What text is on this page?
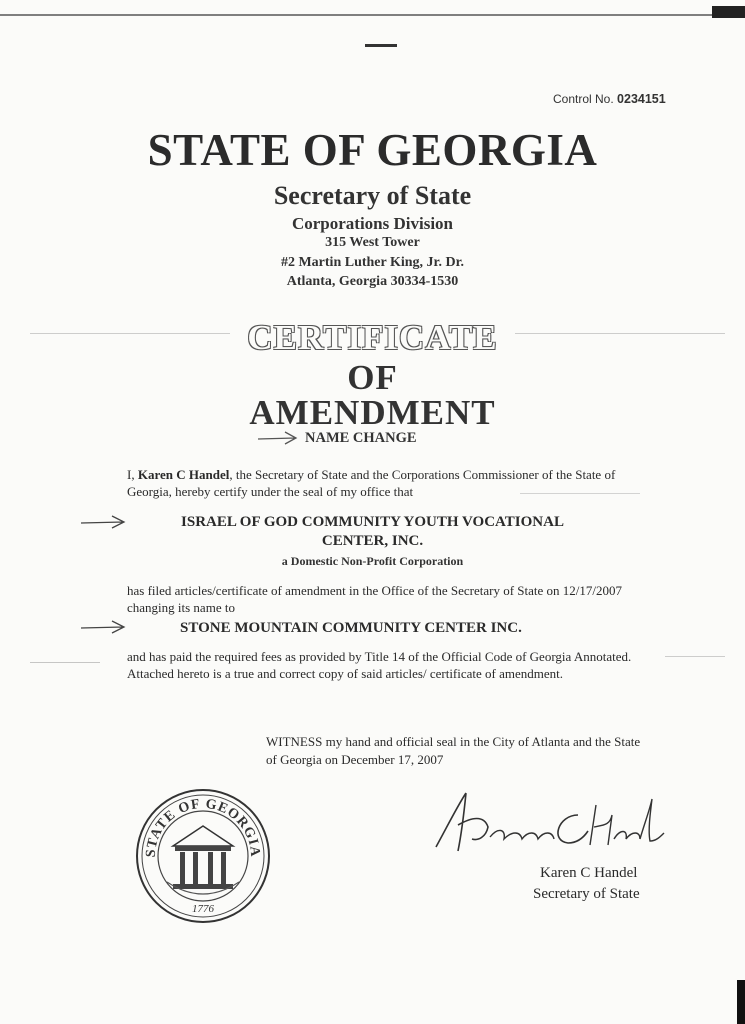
Control No. 0234151
STATE OF GEORGIA
Secretary of State
Corporations Division
315 West Tower
#2 Martin Luther King, Jr. Dr.
Atlanta, Georgia 30334-1530
CERTIFICATE
OF
AMENDMENT
NAME CHANGE
I, Karen C Handel, the Secretary of State and the Corporations Commissioner of the State of Georgia, hereby certify under the seal of my office that
ISRAEL OF GOD COMMUNITY YOUTH VOCATIONAL
CENTER, INC.
a Domestic Non-Profit Corporation
has filed articles/certificate of amendment in the Office of the Secretary of State on 12/17/2007 changing its name to
STONE MOUNTAIN COMMUNITY CENTER INC.
and has paid the required fees as provided by Title 14 of the Official Code of Georgia Annotated. Attached hereto is a true and correct copy of said articles/ certificate of amendment.
WITNESS my hand and official seal in the City of Atlanta and the State of Georgia on December 17, 2007
STATE OF GEORGIA
1776
Karen C Handel
Secretary of State
